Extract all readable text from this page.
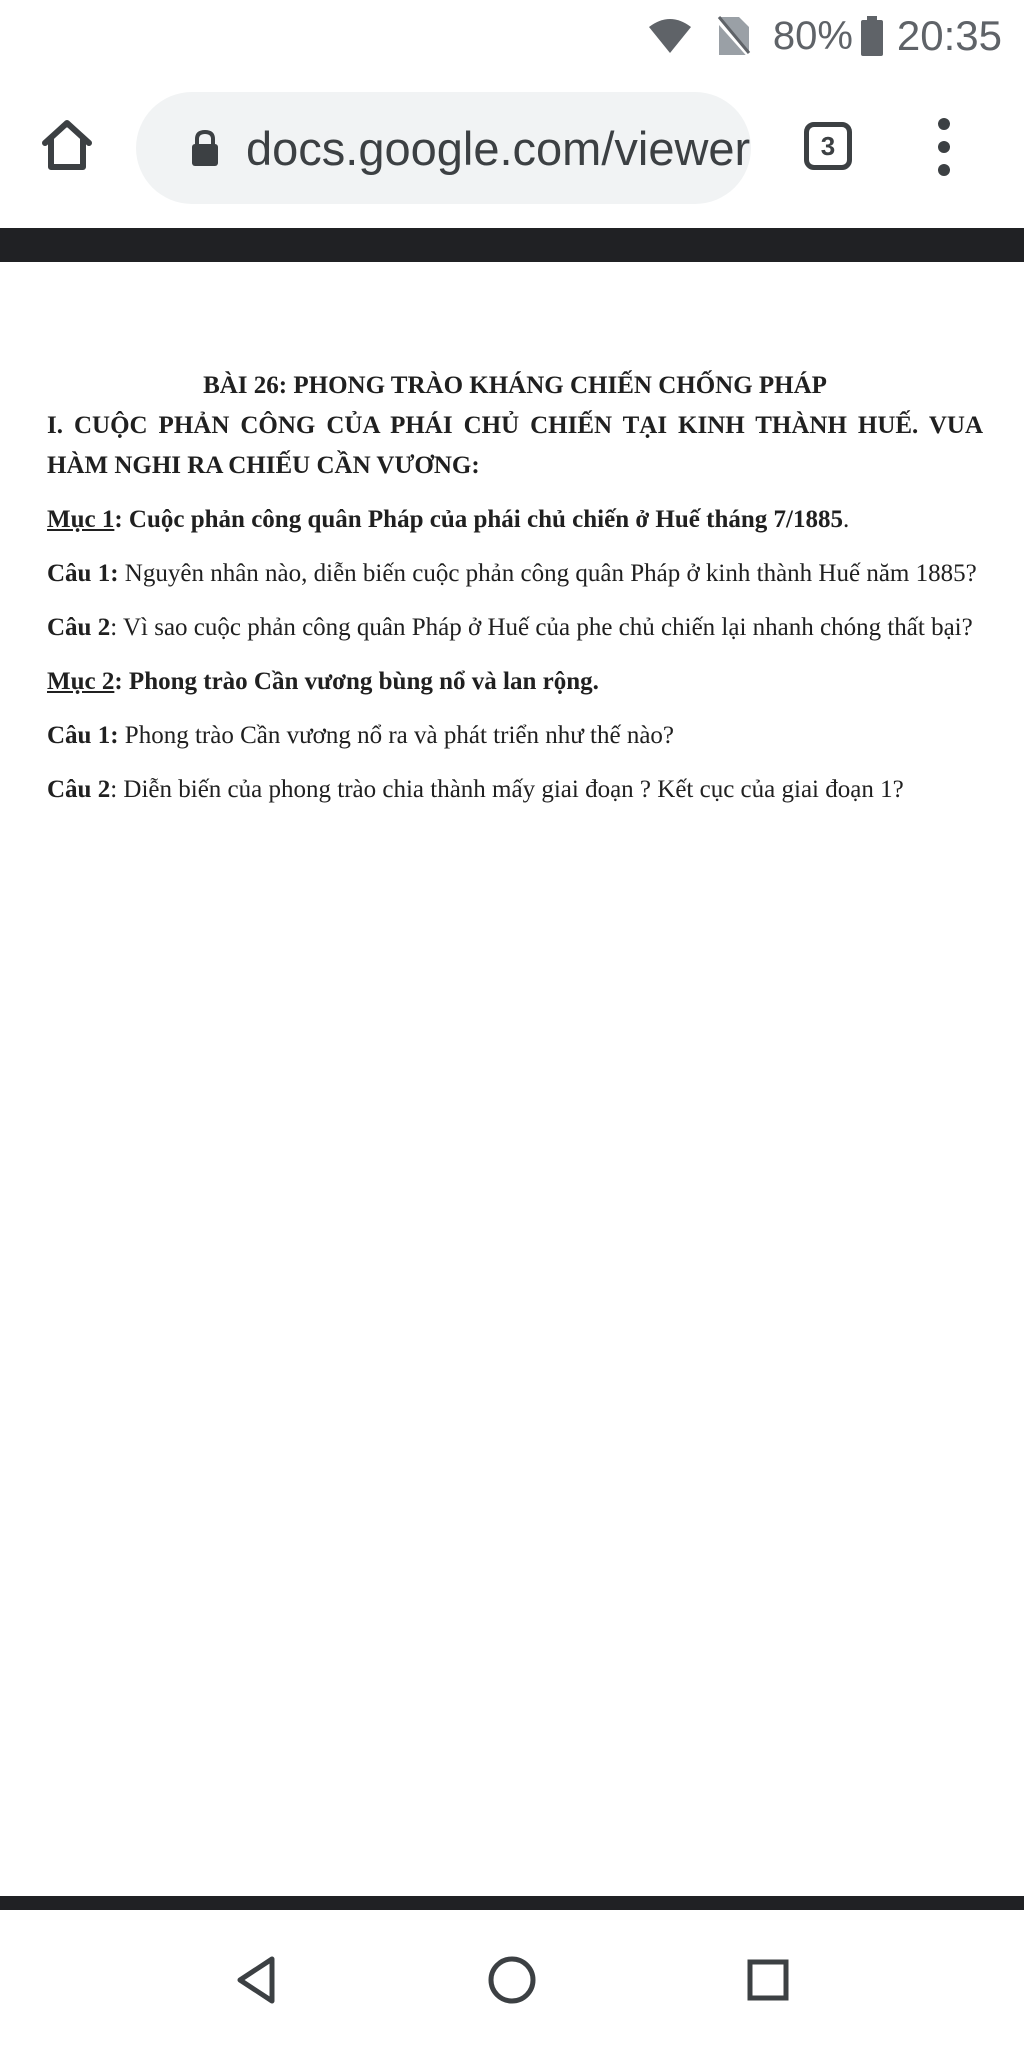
80% 20:35
docs.google.com/viewer	3
BÀI 26: PHONG TRÀO KHÁNG CHIẾN CHỐNG PHÁP
I. CUỘC PHẢN CÔNG CỦA PHÁI CHỦ CHIẾN TẠI KINH THÀNH HUẾ. VUA HÀM NGHI RA CHIẾU CẦN VƯƠNG:
Mục 1: Cuộc phản công quân Pháp của phái chủ chiến ở Huế tháng 7/1885.
Câu 1: Nguyên nhân nào, diễn biến cuộc phản công quân Pháp ở kinh thành Huế năm 1885?
Câu 2: Vì sao cuộc phản công quân Pháp ở Huế của phe chủ chiến lại nhanh chóng thất bại?
Mục 2: Phong trào Cần vương bùng nổ và lan rộng.
Câu 1: Phong trào Cần vương nổ ra và phát triển như thế nào?
Câu 2: Diễn biến của phong trào chia thành mấy giai đoạn ? Kết cục của giai đoạn 1?
